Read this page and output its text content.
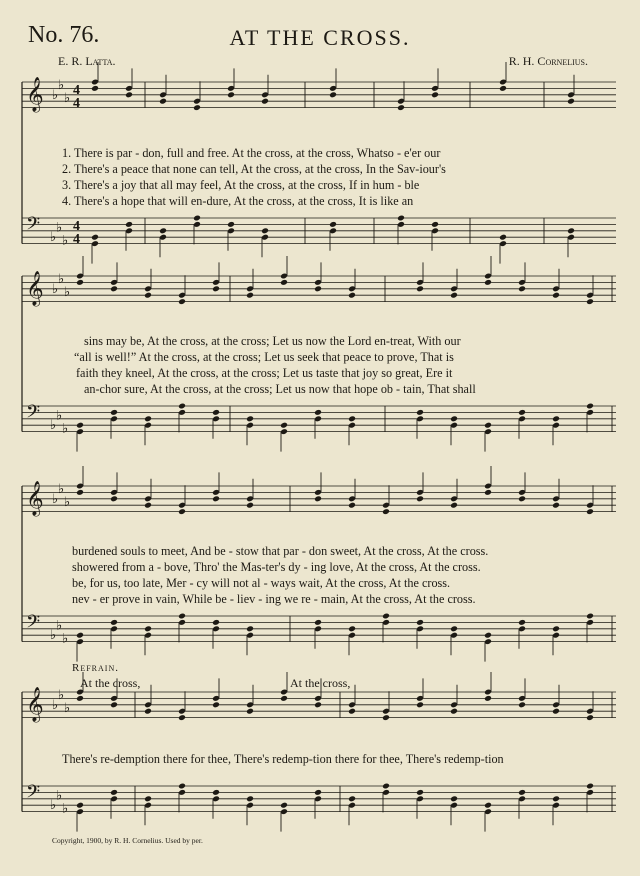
𝄞 ♭
♭
♭
4
4
𝄢 ♭
♭
♭
4
4
𝄞 ♭
♭
♭
𝄢 ♭
♭
♭
𝄞 ♭
♭
♭
𝄢 ♭
♭
♭
𝄞 ♭
♭
♭
𝄢 ♭
♭
♭
No. 76.	AT THE CROSS.
E. R. Latta.	R. H. Cornelius.
1. There is par - don, full and free. At the cross, at the cross, Whatso - e'er our
2. There's a peace that none can tell, At the cross, at the cross, In the Sav-iour's
3. There's a joy that all may feel, At the cross, at the cross, If in hum - ble
4. There's a hope that will en-dure, At the cross, at the cross, It is like an
sins may be, At the cross, at the cross; Let us now the Lord en-treat, With our
“all is well!” At the cross, at the cross; Let us seek that peace to prove, That is
faith they kneel, At the cross, at the cross; Let us taste that joy so great, Ere it
an-chor sure, At the cross, at the cross; Let us now that hope ob - tain, That shall
burdened souls to meet, And be - stow that par - don sweet, At the cross, At the cross.
showered from a - bove, Thro' the Mas-ter's dy - ing love, At the cross, At the cross.
be, for us, too late, Mer - cy will not al - ways wait, At the cross, At the cross.
nev - er prove in vain, While be - liev - ing we re - main, At the cross, At the cross.
Refrain.
At the cross,	At the cross,
There's re-demption there for thee, There's redemp-tion there for thee, There's redemp-tion
Copyright, 1900, by R. H. Cornelius. Used by per.
